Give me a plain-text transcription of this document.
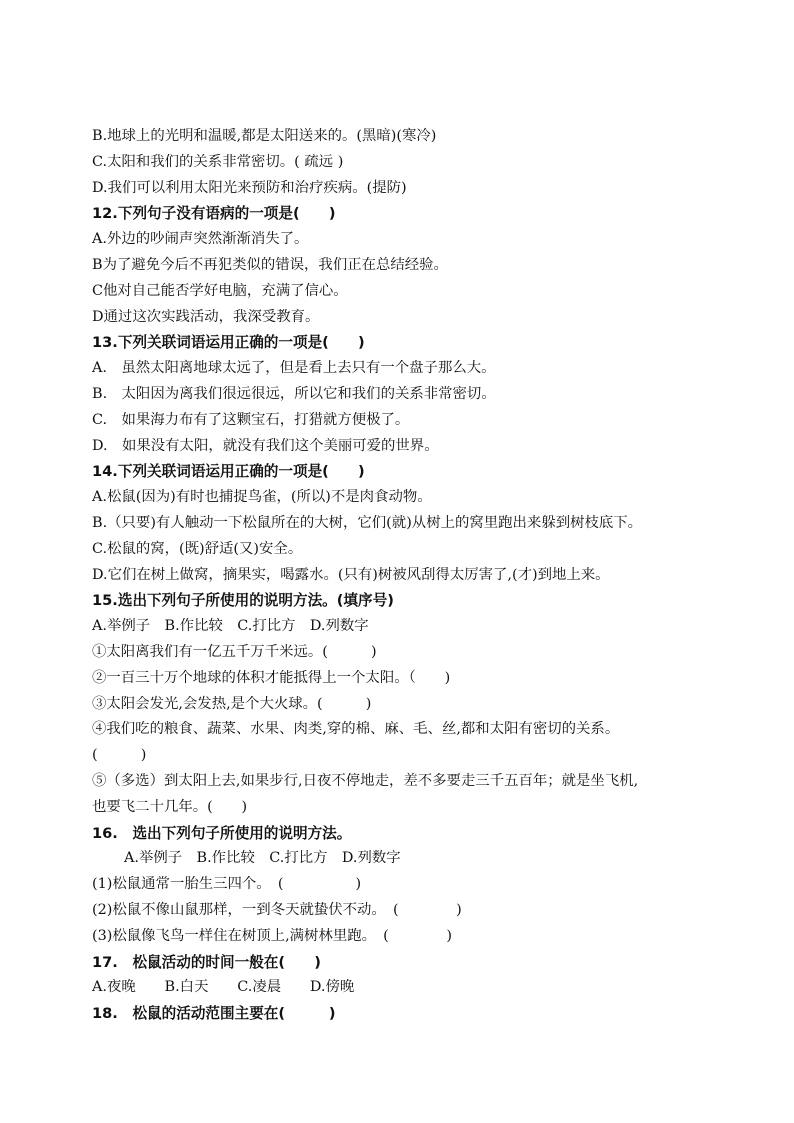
B.地球上的光明和温暖,都是太阳送来的。(黑暗)(寒冷)
C.太阳和我们的关系非常密切。( 疏远 )
D.我们可以利用太阳光来预防和治疗疾病。(提防)
12.下列句子没有语病的一项是(　　)
A.外边的吵闹声突然渐渐消失了。
B为了避免今后不再犯类似的错误，我们正在总结经验。
C他对自己能否学好电脑，充满了信心。
D通过这次实践活动，我深受教育。
13.下列关联词语运用正确的一项是(　　)
A.　虽然太阳离地球太远了，但是看上去只有一个盘子那么大。
B.　太阳因为离我们很远很远，所以它和我们的关系非常密切。
C.　如果海力布有了这颗宝石，打猎就方便极了。
D.　如果没有太阳，就没有我们这个美丽可爱的世界。
14.下列关联词语运用正确的一项是(　　)
A.松鼠(因为)有时也捕捉鸟雀，(所以)不是肉食动物。
B.（只要)有人触动一下松鼠所在的大树，它们(就)从树上的窝里跑出来躲到树枝底下。
C.松鼠的窝，(既)舒适(又)安全。
D.它们在树上做窝，摘果实，喝露水。(只有)树被风刮得太厉害了,(才)到地上来。
15.选出下列句子所使用的说明方法。(填序号)
A.举例子　B.作比较　C.打比方　D.列数字
①太阳离我们有一亿五千万千米远。(　　　)
②一百三十万个地球的体积才能抵得上一个太阳。（　　)
③太阳会发光,会发热,是个大火球。(　　　)
④我们吃的粮食、蔬菜、水果、肉类,穿的棉、麻、毛、丝,都和太阳有密切的关系。
(　　　)
⑤（多选）到太阳上去,如果步行,日夜不停地走，差不多要走三千五百年；就是坐飞机,
也要飞二十几年。(　　)
16.　选出下列句子所使用的说明方法。
A.举例子　B.作比较　C.打比方　D.列数字
(1)松鼠通常一胎生三四个。　(　　　　　)
(2)松鼠不像山鼠那样，一到冬天就蛰伏不动。　(　　　　)
(3)松鼠像飞鸟一样住在树顶上,满树林里跑。　(　　　　)
17.　松鼠活动的时间一般在(　　)
A.夜晚　　B.白天　　C.凌晨　　D.傍晚
18.　松鼠的活动范围主要在(　　　)
